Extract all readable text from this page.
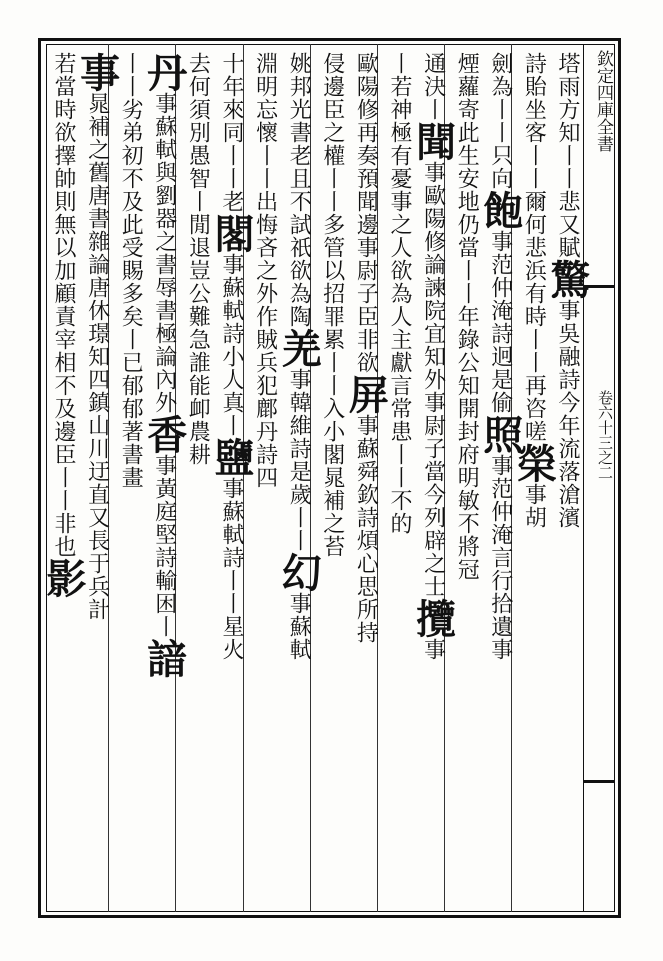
欽定四庫全書
卷六十三之二
塔雨方知丨丨悲又賦驚事吳融詩今年流落滄濱
詩貽坐客丨丨爾何悲浜有時丨丨再咨嗟榮事胡
劍為丨丨只向飽事范仲淹詩迥是偷照事范仲淹言行拾遺事
煙蘿寄此生安地仍當丨丨年錄公知開封府明敏不將冠
通決丨聞事歐陽修論諫院宜知外事尉子當今列辟之士攬事
丨若神極有憂事之人欲為人主獻言常患丨丨不的
歐陽修再奏預聞邊事尉子臣非欲屏事蘇舜欽詩煩心思所持
侵邊臣之權丨丨多管以招罪累丨丨入小閣晁補之苔
姚邦光書老且不試祇欲為陶羌事韓維詩是歲丨丨幻事蘇軾
淵明忘懷丨丨出悔吝之外作賊兵犯鄜丹詩四
十年來同丨丨老閣事蘇軾詩小人真丨鹽事蘇軾詩丨丨星火
去何須別愚智丨閒退豈公難急誰能卹農耕
丹事蘇軾與劉器之書辱書極論內外香事黃庭堅詩輸困丨諳
丨丨劣弟初不及此受賜多矣丨已郁郁著書畫
事晁補之舊唐書雜論唐休璟知四鎮山川迂直又長于兵計
若當時欲擇帥則無以加顧責宰相不及邊臣丨丨非也影
